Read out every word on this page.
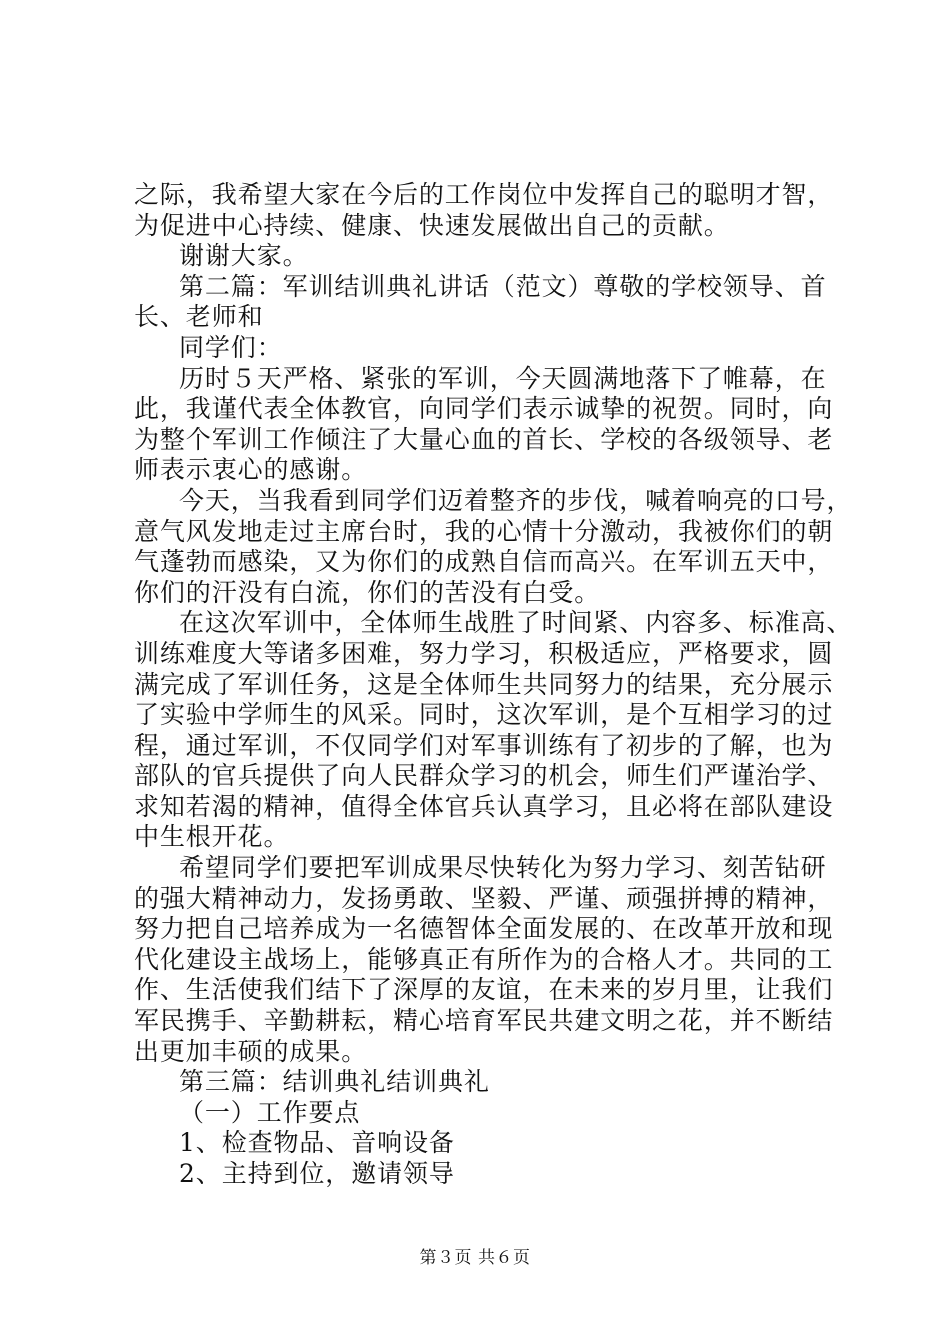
之际，我希望大家在今后的工作岗位中发挥自己的聪明才智，
为促进中心持续、健康、快速发展做出自己的贡献。
谢谢大家。
第二篇：军训结训典礼讲话（范文）尊敬的学校领导、首
长、老师和
同学们：
历时５天严格、紧张的军训，今天圆满地落下了帷幕，在
此，我谨代表全体教官，向同学们表示诚挚的祝贺。同时，向
为整个军训工作倾注了大量心血的首长、学校的各级领导、老
师表示衷心的感谢。
今天，当我看到同学们迈着整齐的步伐，喊着响亮的口号，
意气风发地走过主席台时，我的心情十分激动，我被你们的朝
气蓬勃而感染，又为你们的成熟自信而高兴。在军训五天中，
你们的汗没有白流，你们的苦没有白受。
在这次军训中，全体师生战胜了时间紧、内容多、标准高、
训练难度大等诸多困难，努力学习，积极适应，严格要求，圆
满完成了军训任务，这是全体师生共同努力的结果，充分展示
了实验中学师生的风采。同时，这次军训，是个互相学习的过
程，通过军训，不仅同学们对军事训练有了初步的了解，也为
部队的官兵提供了向人民群众学习的机会，师生们严谨治学、
求知若渴的精神，值得全体官兵认真学习，且必将在部队建设
中生根开花。
希望同学们要把军训成果尽快转化为努力学习、刻苦钻研
的强大精神动力，发扬勇敢、坚毅、严谨、顽强拼搏的精神，
努力把自己培养成为一名德智体全面发展的、在改革开放和现
代化建设主战场上，能够真正有所作为的合格人才。共同的工
作、生活使我们结下了深厚的友谊，在未来的岁月里，让我们
军民携手、辛勤耕耘，精心培育军民共建文明之花，并不断结
出更加丰硕的成果。
第三篇：结训典礼结训典礼
（一）工作要点
1、检查物品、音响设备
2、主持到位，邀请领导
第３页 共６页
